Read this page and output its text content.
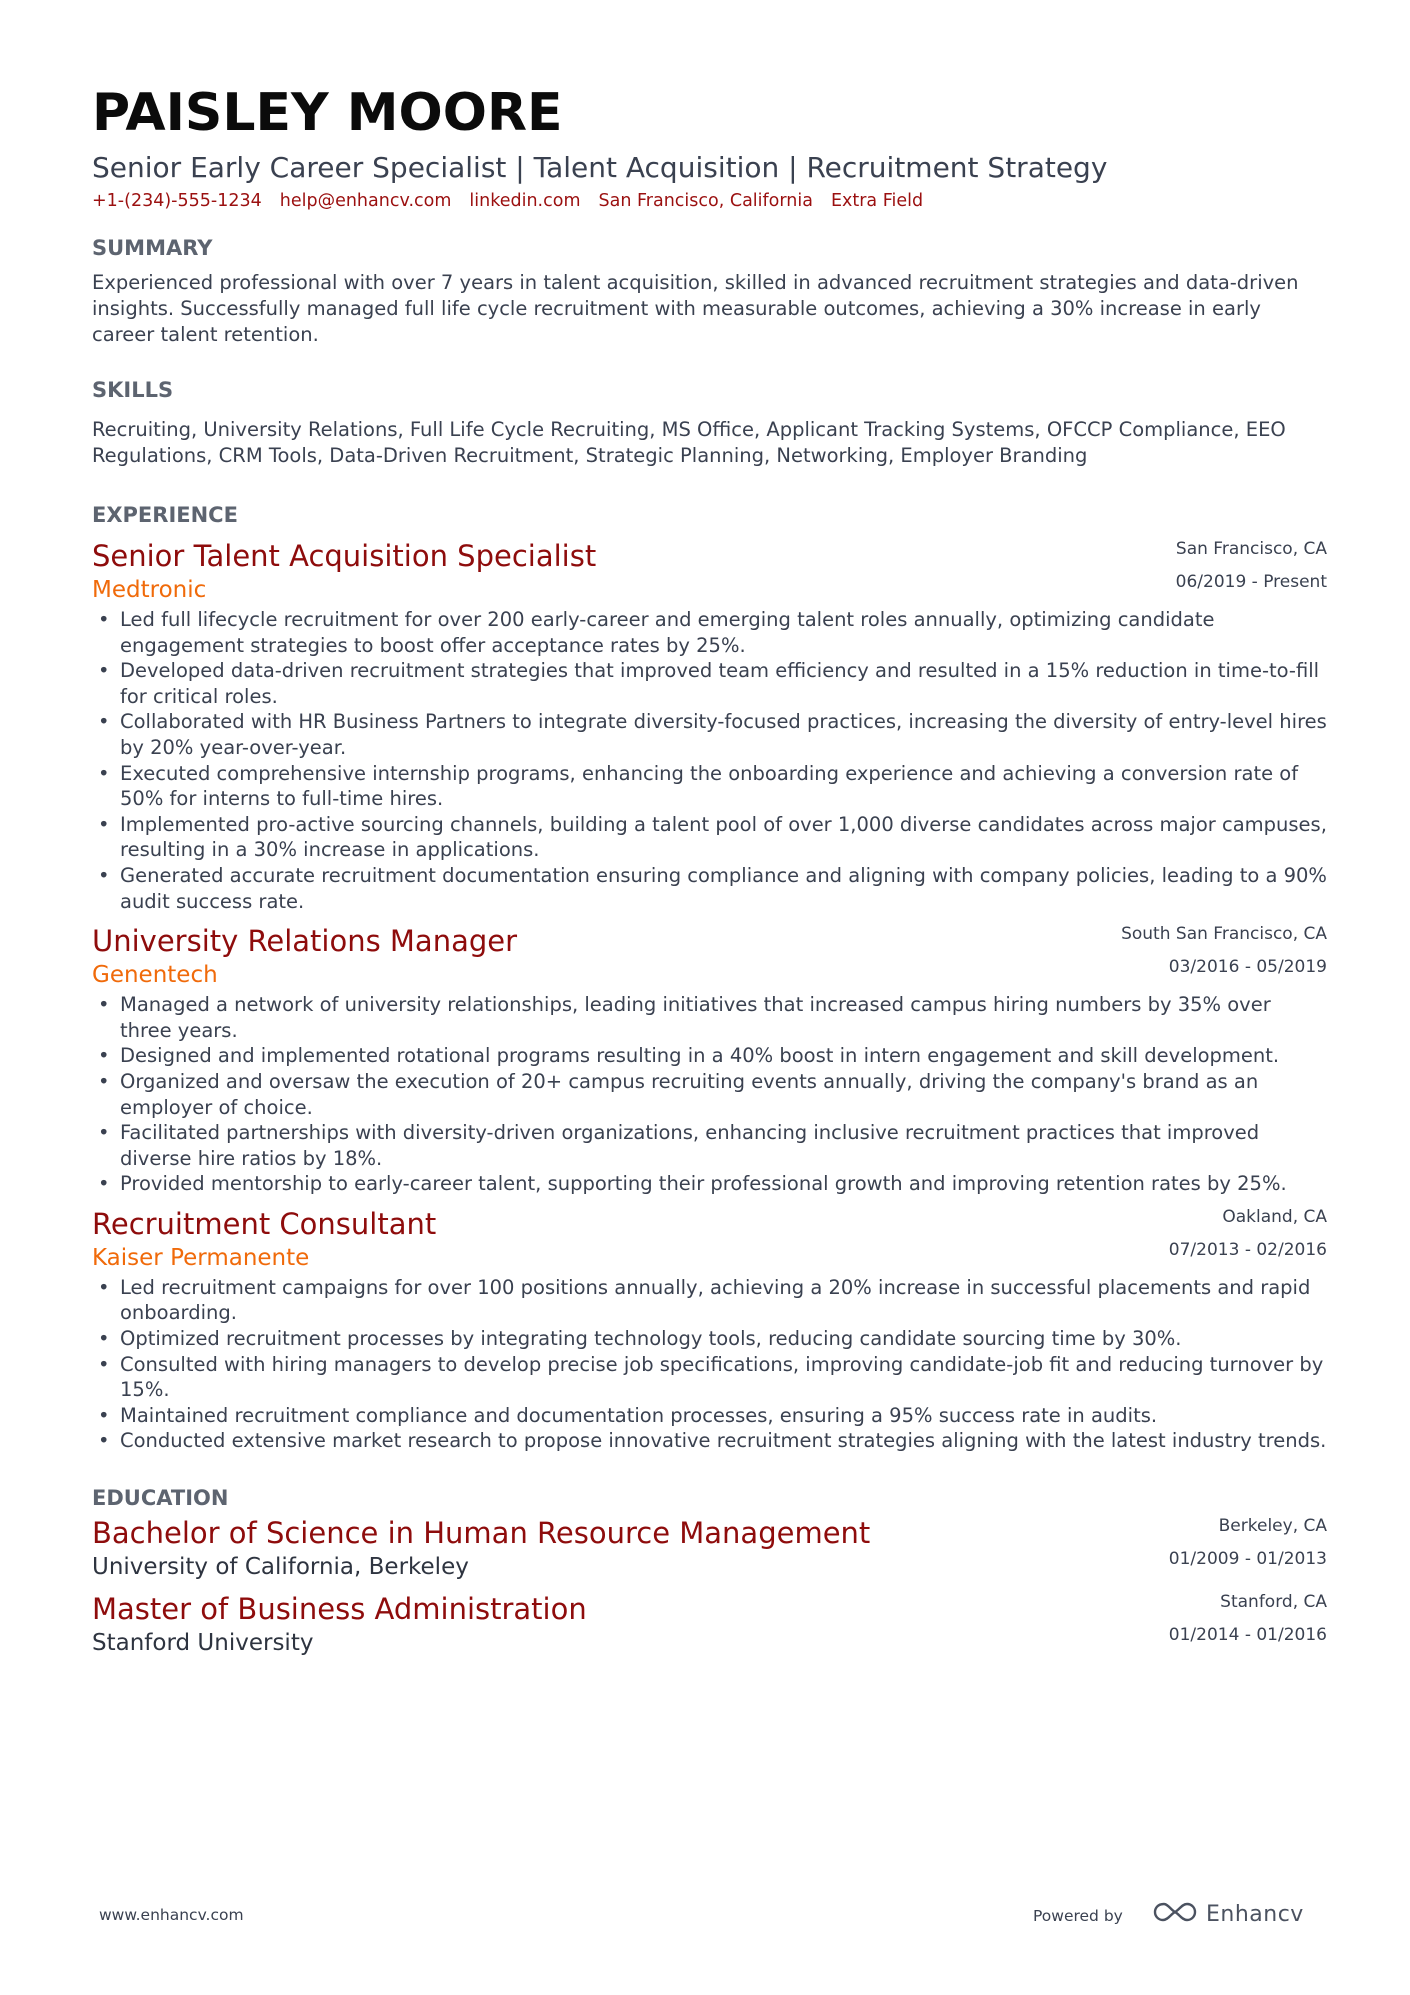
PAISLEY MOORE
Senior Early Career Specialist | Talent Acquisition | Recruitment Strategy
+1-(234)-555-1234 help@enhancv.com linkedin.com San Francisco, California Extra Field
SUMMARY
Experienced professional with over 7 years in talent acquisition, skilled in advanced recruitment strategies and data-driven insights. Successfully managed full life cycle recruitment with measurable outcomes, achieving a 30% increase in early career talent retention.
SKILLS
Recruiting, University Relations, Full Life Cycle Recruiting, MS Office, Applicant Tracking Systems, OFCCP Compliance, EEO Regulations, CRM Tools, Data-Driven Recruitment, Strategic Planning, Networking, Employer Branding
EXPERIENCE
Senior Talent Acquisition Specialist
Medtronic
San Francisco, CA
06/2019 - Present
• Led full lifecycle recruitment for over 200 early-career and emerging talent roles annually, optimizing candidate engagement strategies to boost offer acceptance rates by 25%.
• Developed data-driven recruitment strategies that improved team efficiency and resulted in a 15% reduction in time-to-fill for critical roles.
• Collaborated with HR Business Partners to integrate diversity-focused practices, increasing the diversity of entry-level hires by 20% year-over-year.
• Executed comprehensive internship programs, enhancing the onboarding experience and achieving a conversion rate of 50% for interns to full-time hires.
• Implemented pro-active sourcing channels, building a talent pool of over 1,000 diverse candidates across major campuses, resulting in a 30% increase in applications.
• Generated accurate recruitment documentation ensuring compliance and aligning with company policies, leading to a 90% audit success rate.
University Relations Manager
Genentech
South San Francisco, CA
03/2016 - 05/2019
• Managed a network of university relationships, leading initiatives that increased campus hiring numbers by 35% over three years.
• Designed and implemented rotational programs resulting in a 40% boost in intern engagement and skill development.
• Organized and oversaw the execution of 20+ campus recruiting events annually, driving the company's brand as an employer of choice.
• Facilitated partnerships with diversity-driven organizations, enhancing inclusive recruitment practices that improved diverse hire ratios by 18%.
• Provided mentorship to early-career talent, supporting their professional growth and improving retention rates by 25%.
Recruitment Consultant
Kaiser Permanente
Oakland, CA
07/2013 - 02/2016
• Led recruitment campaigns for over 100 positions annually, achieving a 20% increase in successful placements and rapid onboarding.
• Optimized recruitment processes by integrating technology tools, reducing candidate sourcing time by 30%.
• Consulted with hiring managers to develop precise job specifications, improving candidate-job fit and reducing turnover by 15%.
• Maintained recruitment compliance and documentation processes, ensuring a 95% success rate in audits.
• Conducted extensive market research to propose innovative recruitment strategies aligning with the latest industry trends.
EDUCATION
Bachelor of Science in Human Resource Management
University of California, Berkeley
Berkeley, CA
01/2009 - 01/2013
Master of Business Administration
Stanford University
Stanford, CA
01/2014 - 01/2016
www.enhancv.com	Powered by	Enhancv
